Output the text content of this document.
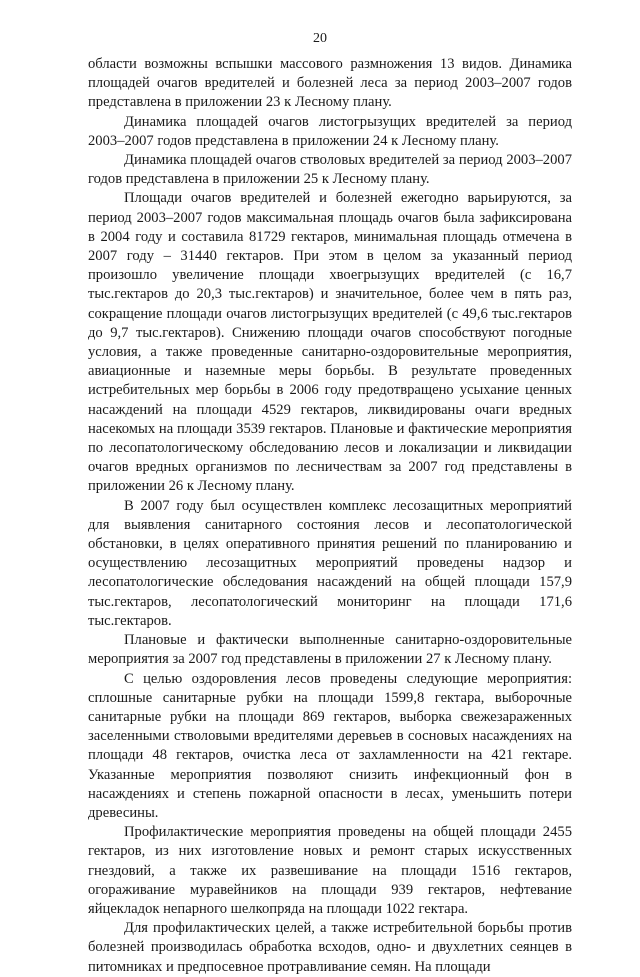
20

области возможны вспышки массового размножения 13 видов. Динамика площадей очагов вредителей и болезней леса за период 2003–2007 годов представлена в приложении 23 к Лесному плану.

Динамика площадей очагов листогрызущих вредителей за период 2003–2007 годов представлена в приложении 24 к Лесному плану.

Динамика площадей очагов стволовых вредителей за период 2003–2007 годов представлена в приложении 25 к Лесному плану.

Площади очагов вредителей и болезней ежегодно варьируются, за период 2003–2007 годов максимальная площадь очагов была зафиксирована в 2004 году и составила 81729 гектаров, минимальная площадь отмечена в 2007 году – 31440 гектаров. При этом в целом за указанный период произошло увеличение площади хвоегрызущих вредителей (с 16,7 тыс.гектаров до 20,3 тыс.гектаров) и значительное, более чем в пять раз, сокращение площади очагов листогрызущих вредителей (с 49,6 тыс.гектаров до 9,7 тыс.гектаров). Снижению площади очагов способствуют погодные условия, а также проведенные санитарно-оздоровительные мероприятия, авиационные и наземные меры борьбы. В результате проведенных истребительных мер борьбы в 2006 году предотвращено усыхание ценных насаждений на площади 4529 гектаров, ликвидированы очаги вредных насекомых на площади 3539 гектаров. Плановые и фактические мероприятия по лесопатологическому обследованию лесов и локализации и ликвидации очагов вредных организмов по лесничествам за 2007 год представлены в приложении 26 к Лесному плану.

В 2007 году был осуществлен комплекс лесозащитных мероприятий для выявления санитарного состояния лесов и лесопатологической обстановки, в целях оперативного принятия решений по планированию и осуществлению лесозащитных мероприятий проведены надзор и лесопатологические обследования насаждений на общей площади 157,9 тыс.гектаров, лесопатологический мониторинг на площади 171,6 тыс.гектаров.

Плановые и фактически выполненные санитарно-оздоровительные мероприятия за 2007 год представлены в приложении 27 к Лесному плану.

С целью оздоровления лесов проведены следующие мероприятия: сплошные санитарные рубки на площади 1599,8 гектара, выборочные санитарные рубки на площади 869 гектаров, выборка свежезараженных заселенными стволовыми вредителями деревьев в сосновых насаждениях на площади 48 гектаров, очистка леса от захламленности на 421 гектаре. Указанные мероприятия позволяют снизить инфекционный фон в насаждениях и степень пожарной опасности в лесах, уменьшить потери древесины.

Профилактические мероприятия проведены на общей площади 2455 гектаров, из них изготовление новых и ремонт старых искусственных гнездовий, а также их развешивание на площади 1516 гектаров, огораживание муравейников на площади 939 гектаров, нефтевание яйцекладок непарного шелкопряда на площади 1022 гектара.

Для профилактических целей, а также истребительной борьбы против болезней производилась обработка всходов, одно- и двухлетних сеянцев в питомниках и предпосевное протравливание семян. На площади
